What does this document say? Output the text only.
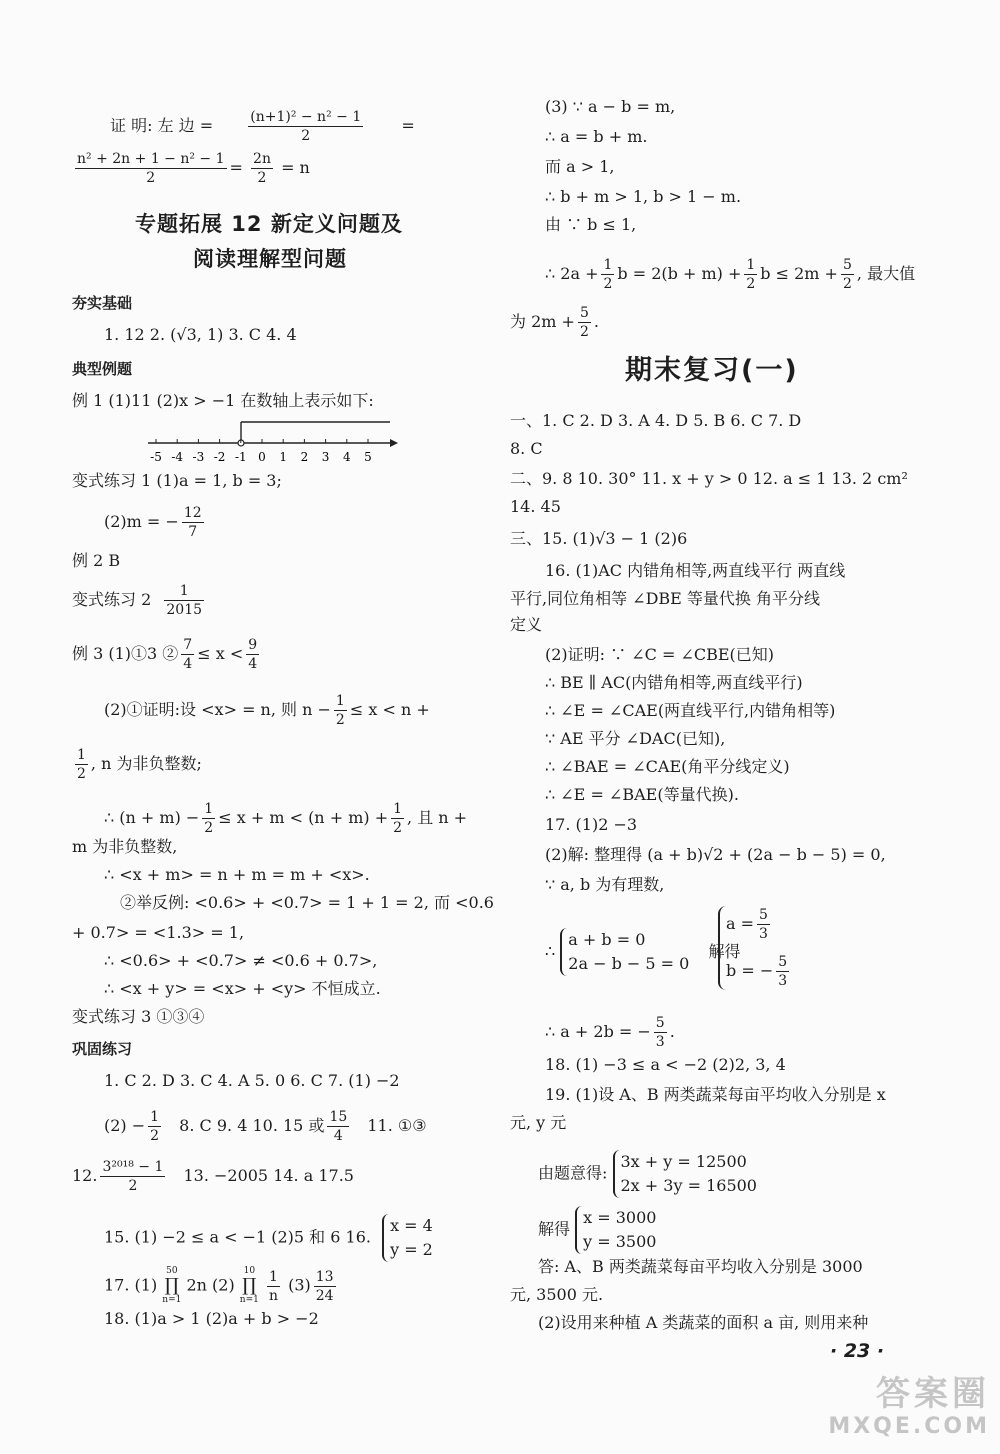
证 明: 左 边 = $\frac{\text{(n+1)² − n² − 1}}{2}$ =
$\frac{\text{n² + 2n + 1 − n² − 1}}{2} = \frac{2n}{2} = n$
专题拓展 12 新定义问题及
阅读理解型问题
夯实基础
1. 12 2. (√3, 1) 3. C 4. 4
典型例题
例 1 (1)11 (2)x > −1 在数轴上表示如下:
-5 -4 -3 -2 -1 0 1 2 3 4 5
变式练习 1 (1)a = 1, b = 3;
(2)m = − $\frac{12}{7}$
例 2 B
变式练习 $2 \frac{1}{2015}$
例 3 (1)①3 ② $\frac{7}{4} \le x < \frac{9}{4}$
(2)①证明:设 <x> = n, 则 $n - \frac{1}{2} \le x < n$ +
$\frac{1}{2}$ , n 为非负整数;
∴ $(n + m) - \frac{1}{2} \le x + m < (n + m) + \frac{1}{2}$ , 且 n +
m 为非负整数,
∴ <x + m> = n + m = m + <x>.
②举反例: <0.6> + <0.7> = 1 + 1 = 2, 而 <0.6
+ 0.7> = <1.3> = 1,
∴ <0.6> + <0.7> ≠ <0.6 + 0.7>,
∴ <x + y> = <x> + <y> 不恒成立.
变式练习 3 ①③④
巩固练习
1. C 2. D 3. C 4. A 5. 0 6. C 7. (1) −2
$(2) - \frac{1}{2} 8$. C 9. 4 10. 15 或 $\frac{15}{4} 11$. ①③
12. $\frac{\text{3²⁰¹⁸ − 1}}{2} 13$. −2005 14. a 17.5
15. (1) −2 ≤ a < −1 (2)5 和 6 16.
x = 4
y = 2
17. (1)
50
∏
n=1
2n (2)
10
∏
n=1
$\frac{1}{n} (3) \frac{13}{24}$
18. (1)a > 1 (2)a + b > −2
(3) ∵ a − b = m,
∴ a = b + m.
而 a > 1,
∴ b + m > 1, b > 1 − m.
由 ∵ b ≤ 1,
∴ $2a + \frac{1}{2}$ $b = 2(b + m) + \frac{1}{2}$ $b \le 2m + \frac{5}{2}$ , 最大值
为 $2m + \frac{5}{2}$ .
期末复习(一)
一、1. C 2. D 3. A 4. D 5. B 6. C 7. D
8. C
二、9. 8 10. 30° 11. x + y > 0 12. a ≤ 1 13. 2 cm²
14. 45
三、15. (1)√3 − 1 (2)6
16. (1)AC 内错角相等,两直线平行 两直线
平行,同位角相等 ∠DBE 等量代换 角平分线
定义
(2)证明: ∵ ∠C = ∠CBE(已知)
∴ BE ∥ AC(内错角相等,两直线平行)
∴ ∠E = ∠CAE(两直线平行,内错角相等)
∵ AE 平分 ∠DAC(已知),
∴ ∠BAE = ∠CAE(角平分线定义)
∴ ∠E = ∠BAE(等量代换).
17. (1)2 −3
(2)解: 整理得 (a + b)√2 + (2a − b − 5) = 0,
∵ a, b 为有理数,
∴
a + b = 0
2a − b − 5 = 0
解得
$a = \frac{5}{3}$
b = − $\frac{5}{3}$
∴ a + 2b = − $\frac{5}{3}$ .
18. (1) −3 ≤ a < −2 (2)2, 3, 4
19. (1)设 A、B 两类蔬菜每亩平均收入分别是 x
元, y 元
由题意得:
3x + y = 12500
2x + 3y = 16500
解得
x = 3000
y = 3500
答: A、B 两类蔬菜每亩平均收入分别是 3000
元, 3500 元.
(2)设用来种植 A 类蔬菜的面积 a 亩, 则用来种
· 23 ·
答案圈
MXQE.COM
